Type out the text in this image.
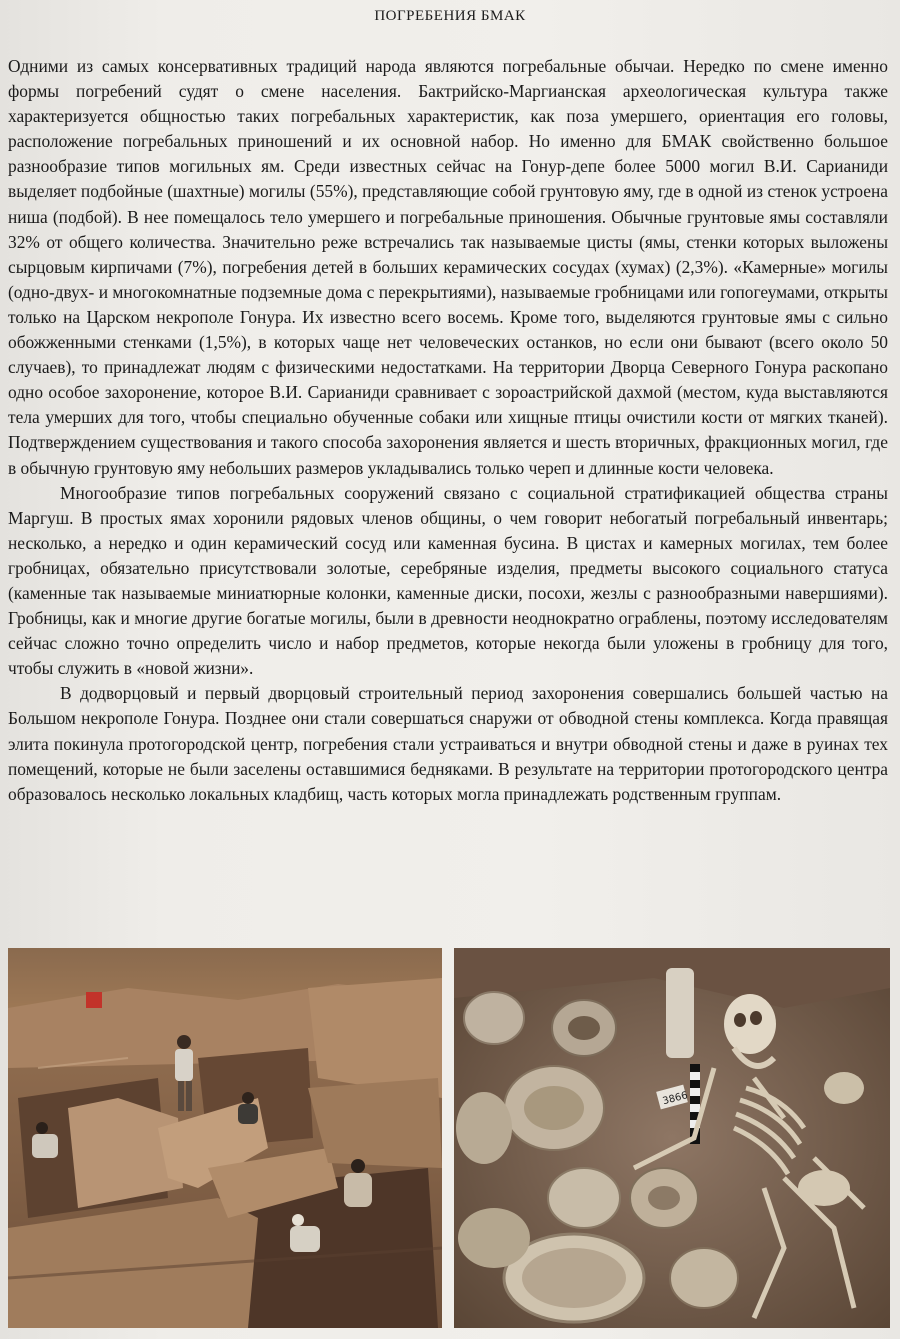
ПОГРЕБЕНИЯ БМАК

Одними из самых консервативных традиций народа являются погребальные обычаи. Нередко по смене именно формы погребений судят о смене населения. Бактрийско-Маргианская археологическая культура также характеризуется общностью таких погребальных характеристик, как поза умершего, ориентация его головы, расположение погребальных приношений и их основной набор. Но именно для БМАК свойственно большое разнообразие типов могильных ям. Среди известных сейчас на Гонур-депе более 5000 могил В.И. Сарианиди выделяет подбойные (шахтные) могилы (55%), представляющие собой грунтовую яму, где в одной из стенок устроена ниша (подбой). В нее помещалось тело умершего и погребальные приношения. Обычные грунтовые ямы составляли 32% от общего количества. Значительно реже встречались так называемые цисты (ямы, стенки которых выложены сырцовым кирпичами (7%), погребения детей в больших керамических сосудах (хумах) (2,3%). «Камерные» могилы (одно-двух- и многокомнатные подземные дома с перекрытиями), называемые гробницами или гопогеумами, открыты только на Царском некрополе Гонура. Их известно всего восемь. Кроме того, выделяются грунтовые ямы с сильно обожженными стенками (1,5%), в которых чаще нет человеческих останков, но если они бывают (всего около 50 случаев), то принадлежат людям с физическими недостатками. На территории Дворца Северного Гонура раскопано одно особое захоронение, которое В.И. Сарианиди сравнивает с зороастрийской дахмой (местом, куда выставляются тела умерших для того, чтобы специально обученные собаки или хищные птицы очистили кости от мягких тканей). Подтверждением существования и такого способа захоронения является и шесть вторичных, фракционных могил, где в обычную грунтовую яму небольших размеров укладывались только череп и длинные кости человека.

Многообразие типов погребальных сооружений связано с социальной стратификацией общества страны Маргуш. В простых ямах хоронили рядовых членов общины, о чем говорит небогатый погребальный инвентарь; несколько, а нередко и один керамический сосуд или каменная бусина. В цистах и камерных могилах, тем более гробницах, обязательно присутствовали золотые, серебряные изделия, предметы высокого социального статуса (каменные так называемые миниатюрные колонки, каменные диски, посохи, жезлы с разнообразными навершиями). Гробницы, как и многие другие богатые могилы, были в древности неоднократно ограблены, поэтому исследователям сейчас сложно точно определить число и набор предметов, которые некогда были уложены в гробницу для того, чтобы служить в «новой жизни».

В додворцовый и первый дворцовый строительный период захоронения совершались большей частью на Большом некрополе Гонура. Позднее они стали совершаться снаружи от обводной стены комплекса. Когда правящая элита покинула протогородской центр, погребения стали устраиваться и внутри обводной стены и даже в руинах тех помещений, которые не были заселены оставшимися бедняками. В результате на территории протогородского центра образовалось несколько локальных кладбищ, часть которых могла принадлежать родственным группам.

3866
